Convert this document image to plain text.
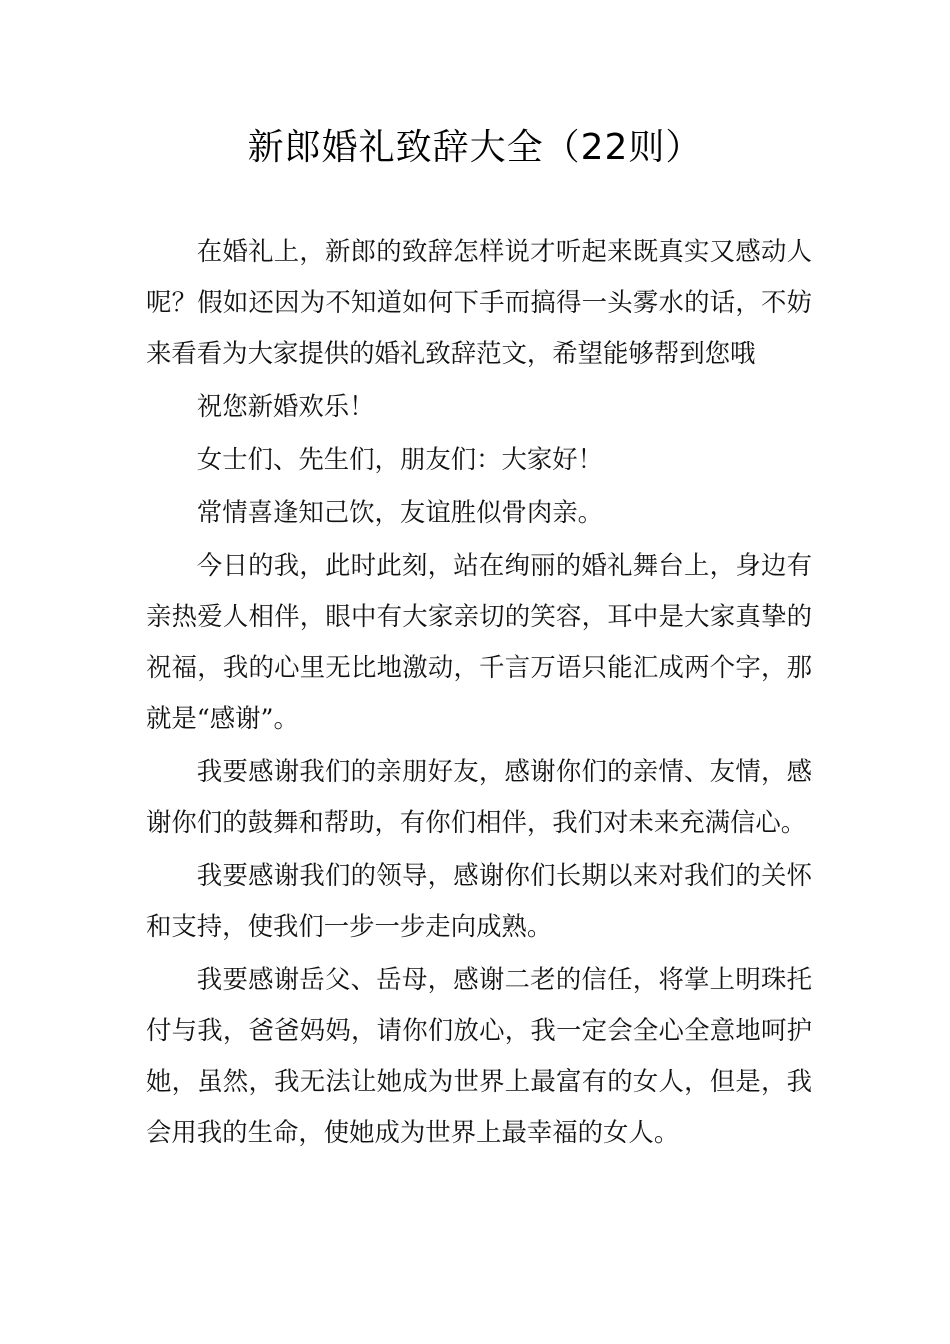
新郎婚礼致辞大全（22则）

在婚礼上，新郎的致辞怎样说才听起来既真实又感动人呢？假如还因为不知道如何下手而搞得一头雾水的话，不妨来看看为大家提供的婚礼致辞范文，希望能够帮到您哦

祝您新婚欢乐！

女士们、先生们，朋友们：大家好！

常情喜逢知己饮，友谊胜似骨肉亲。

今日的我，此时此刻，站在绚丽的婚礼舞台上，身边有亲热爱人相伴，眼中有大家亲切的笑容，耳中是大家真挚的祝福，我的心里无比地激动，千言万语只能汇成两个字，那就是“感谢”。

我要感谢我们的亲朋好友，感谢你们的亲情、友情，感谢你们的鼓舞和帮助，有你们相伴，我们对未来充满信心。

我要感谢我们的领导，感谢你们长期以来对我们的关怀和支持，使我们一步一步走向成熟。

我要感谢岳父、岳母，感谢二老的信任，将掌上明珠托付与我，爸爸妈妈，请你们放心，我一定会全心全意地呵护她，虽然，我无法让她成为世界上最富有的女人，但是，我会用我的生命，使她成为世界上最幸福的女人。
